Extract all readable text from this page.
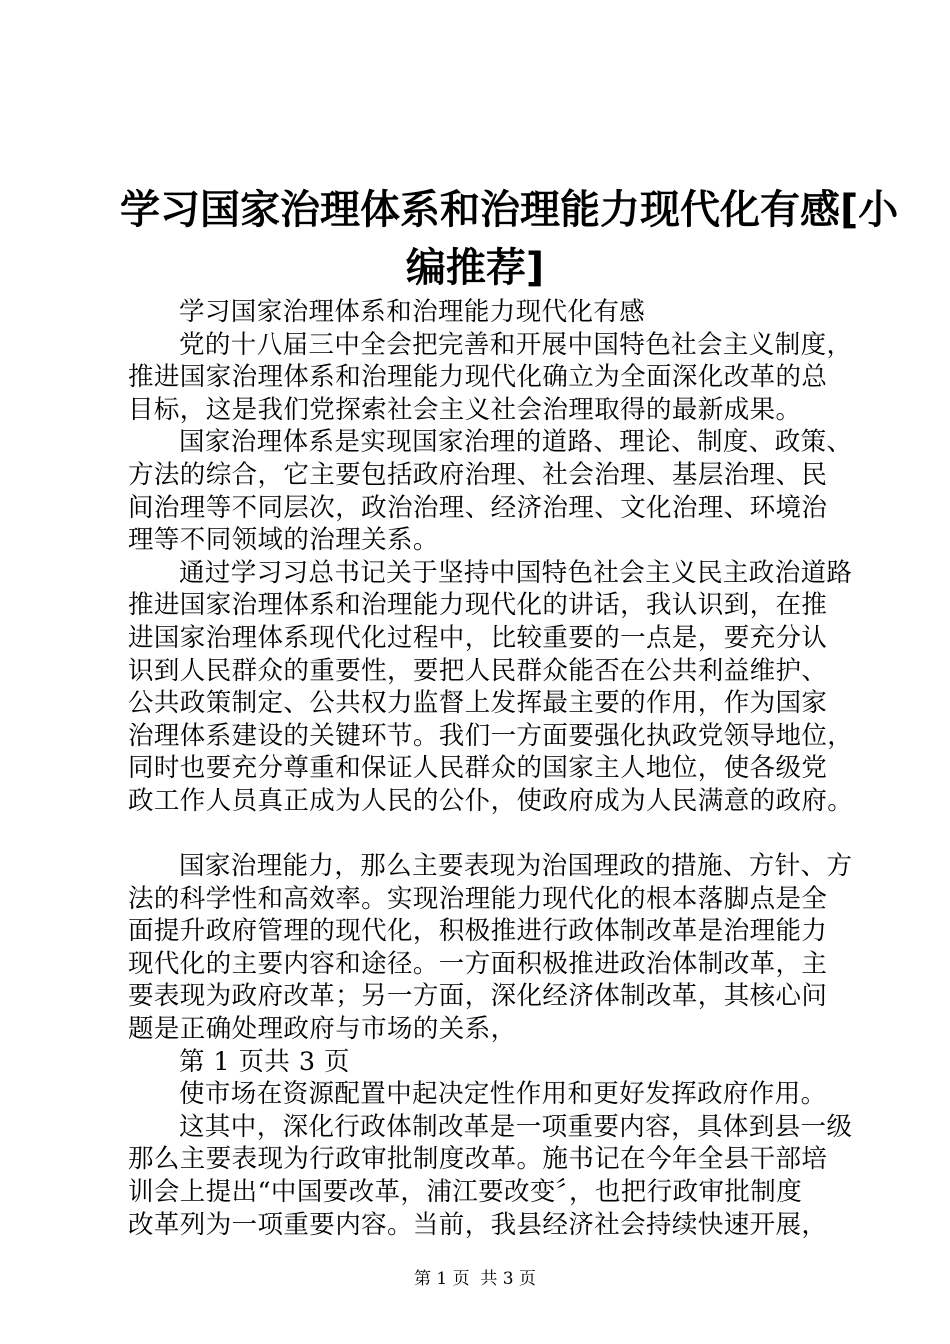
学习国家治理体系和治理能力现代化有感[小
编推荐]
学习国家治理体系和治理能力现代化有感
党的十八届三中全会把完善和开展中国特色社会主义制度，
推进国家治理体系和治理能力现代化确立为全面深化改革的总
目标，这是我们党探索社会主义社会治理取得的最新成果。
国家治理体系是实现国家治理的道路、理论、制度、政策、
方法的综合，它主要包括政府治理、社会治理、基层治理、民
间治理等不同层次，政治治理、经济治理、文化治理、环境治
理等不同领域的治理关系。
通过学习习总书记关于坚持中国特色社会主义民主政治道路
推进国家治理体系和治理能力现代化的讲话，我认识到，在推
进国家治理体系现代化过程中，比较重要的一点是，要充分认
识到人民群众的重要性，要把人民群众能否在公共利益维护、
公共政策制定、公共权力监督上发挥最主要的作用，作为国家
治理体系建设的关键环节。我们一方面要强化执政党领导地位，
同时也要充分尊重和保证人民群众的国家主人地位，使各级党
政工作人员真正成为人民的公仆，使政府成为人民满意的政府。
国家治理能力，那么主要表现为治国理政的措施、方针、方
法的科学性和高效率。实现治理能力现代化的根本落脚点是全
面提升政府管理的现代化，积极推进行政体制改革是治理能力
现代化的主要内容和途径。一方面积极推进政治体制改革，主
要表现为政府改革；另一方面，深化经济体制改革，其核心问
题是正确处理政府与市场的关系，
第 1 页共 3 页
使市场在资源配置中起决定性作用和更好发挥政府作用。
这其中，深化行政体制改革是一项重要内容，具体到县一级
那么主要表现为行政审批制度改革。施书记在今年全县干部培
训会上提出“中国要改革，浦江要改变〞，也把行政审批制度
改革列为一项重要内容。当前，我县经济社会持续快速开展，
第 1 页  共 3 页
